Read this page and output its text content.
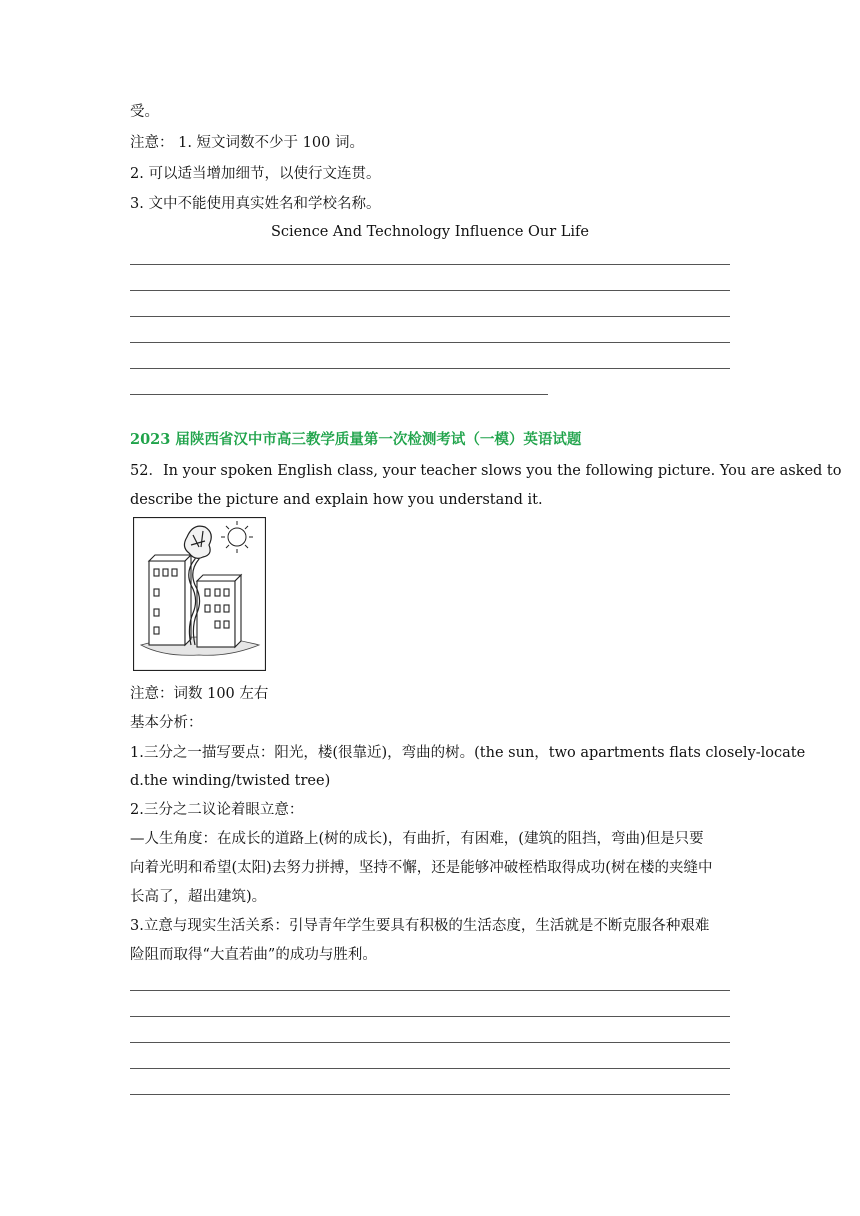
受。
注意： 1. 短文词数不少于 100 词。
2. 可以适当增加细节，以使行文连贯。
3. 文中不能使用真实姓名和学校名称。
Science And Technology Influence Our Life
2023 届陕西省汉中市高三教学质量第一次检测考试（一模）英语试题
52．In your spoken English class, your teacher slows you the following picture. You are asked to
describe the picture and explain how you understand it.
注意：词数 100 左右
基本分析：
1.三分之一描写要点：阳光，楼(很靠近)，弯曲的树。(the sun，two apartments flats closely-locate
d.the winding/twisted tree)
2.三分之二议论着眼立意：
—人生角度：在成长的道路上(树的成长)，有曲折，有困难，(建筑的阻挡，弯曲)但是只要
向着光明和希望(太阳)去努力拼搏，坚持不懈，还是能够冲破桎梏取得成功(树在楼的夹缝中
长高了，超出建筑)。
3.立意与现实生活关系：引导青年学生要具有积极的生活态度，生活就是不断克服各种艰难
险阻而取得“大直若曲”的成功与胜利。
